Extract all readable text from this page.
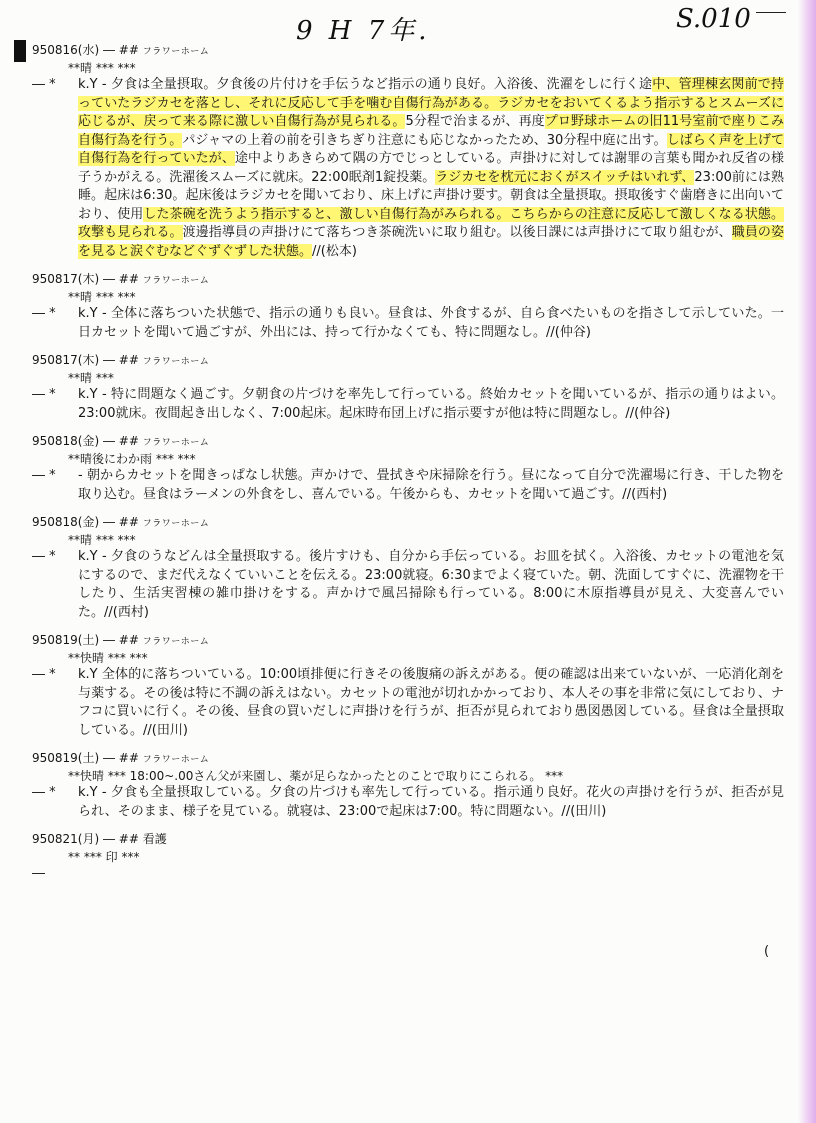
9 H 7年.	S.010
950816(水) ― ## フラワーホーム
**晴 *** ***
― *	k.Y - 夕食は全量摂取。夕食後の片付けを手伝うなど指示の通り良好。入浴後、洗濯をしに行く途中、管理棟玄関前で持っていたラジカセを落とし、それに反応して手を噛む自傷行為がある。ラジカセをおいてくるよう指示するとスムーズに応じるが、戻って来る際に激しい自傷行為が見られる。5分程で治まるが、再度プロ野球ホームの旧11号室前で座りこみ自傷行為を行う。パジャマの上着の前を引きちぎり注意にも応じなかったため、30分程中庭に出す。しばらく声を上げて自傷行為を行っていたが、途中よりあきらめて隅の方でじっとしている。声掛けに対しては謝罪の言葉も聞かれ反省の様子うかがえる。洗濯後スムーズに就床。22:00眠剤1錠投薬。ラジカセを枕元におくがスイッチはいれず、23:00前には熟睡。起床は6:30。起床後はラジカセを聞いており、床上げに声掛け要す。朝食は全量摂取。摂取後すぐ歯磨きに出向いており、使用した茶碗を洗うよう指示すると、激しい自傷行為がみられる。こちらからの注意に反応して激しくなる状態。攻撃も見られる。渡邊指導員の声掛けにて落ちつき茶碗洗いに取り組む。以後日課には声掛けにて取り組むが、職員の姿を見ると涙ぐむなどぐずぐずした状態。//(松本)
950817(木) ― ## フラワーホーム
**晴 *** ***
― *	k.Y - 全体に落ちついた状態で、指示の通りも良い。昼食は、外食するが、自ら食べたいものを指さして示していた。一日カセットを聞いて過ごすが、外出には、持って行かなくても、特に問題なし。//(仲谷)
950817(木) ― ## フラワーホーム
**晴 ***
― *	k.Y - 特に問題なく過ごす。夕朝食の片づけを率先して行っている。終始カセットを聞いているが、指示の通りはよい。23:00就床。夜間起き出しなく、7:00起床。起床時布団上げに指示要すが他は特に問題なし。//(仲谷)
950818(金) ― ## フラワーホーム
**晴後にわか雨 *** ***
― *	- 朝からカセットを聞きっぱなし状態。声かけで、畳拭きや床掃除を行う。昼になって自分で洗濯場に行き、干した物を取り込む。昼食はラーメンの外食をし、喜んでいる。午後からも、カセットを聞いて過ごす。//(西村)
950818(金) ― ## フラワーホーム
**晴 *** ***
― *	k.Y - 夕食のうなどんは全量摂取する。後片すけも、自分から手伝っている。お皿を拭く。入浴後、カセットの電池を気にするので、まだ代えなくていいことを伝える。23:00就寝。6:30までよく寝ていた。朝、洗面してすぐに、洗濯物を干したり、生活実習棟の雑巾掛けをする。声かけで風呂掃除も行っている。8:00に木原指導員が見え、大変喜んでいた。//(西村)
950819(土) ― ## フラワーホーム
**快晴 *** ***
― *	k.Y 全体的に落ちついている。10:00頃排便に行きその後腹痛の訴えがある。便の確認は出来ていないが、一応消化剤を与薬する。その後は特に不調の訴えはない。カセットの電池が切れかかっており、本人その事を非常に気にしており、ナフコに買いに行く。その後、昼食の買いだしに声掛けを行うが、拒否が見られており愚図愚図している。昼食は全量摂取している。//(田川)
950819(土) ― ## フラワーホーム
**快晴 *** 18:00~.00さん父が来園し、薬が足らなかったとのことで取りにこられる。 ***
― *	k.Y - 夕食も全量摂取している。夕食の片づけも率先して行っている。指示通り良好。花火の声掛けを行うが、拒否が見られ、そのまま、様子を見ている。就寝は、23:00で起床は7:00。特に問題ない。//(田川)
950821(月) ― ## 看護
** *** 印 ***
―
(
